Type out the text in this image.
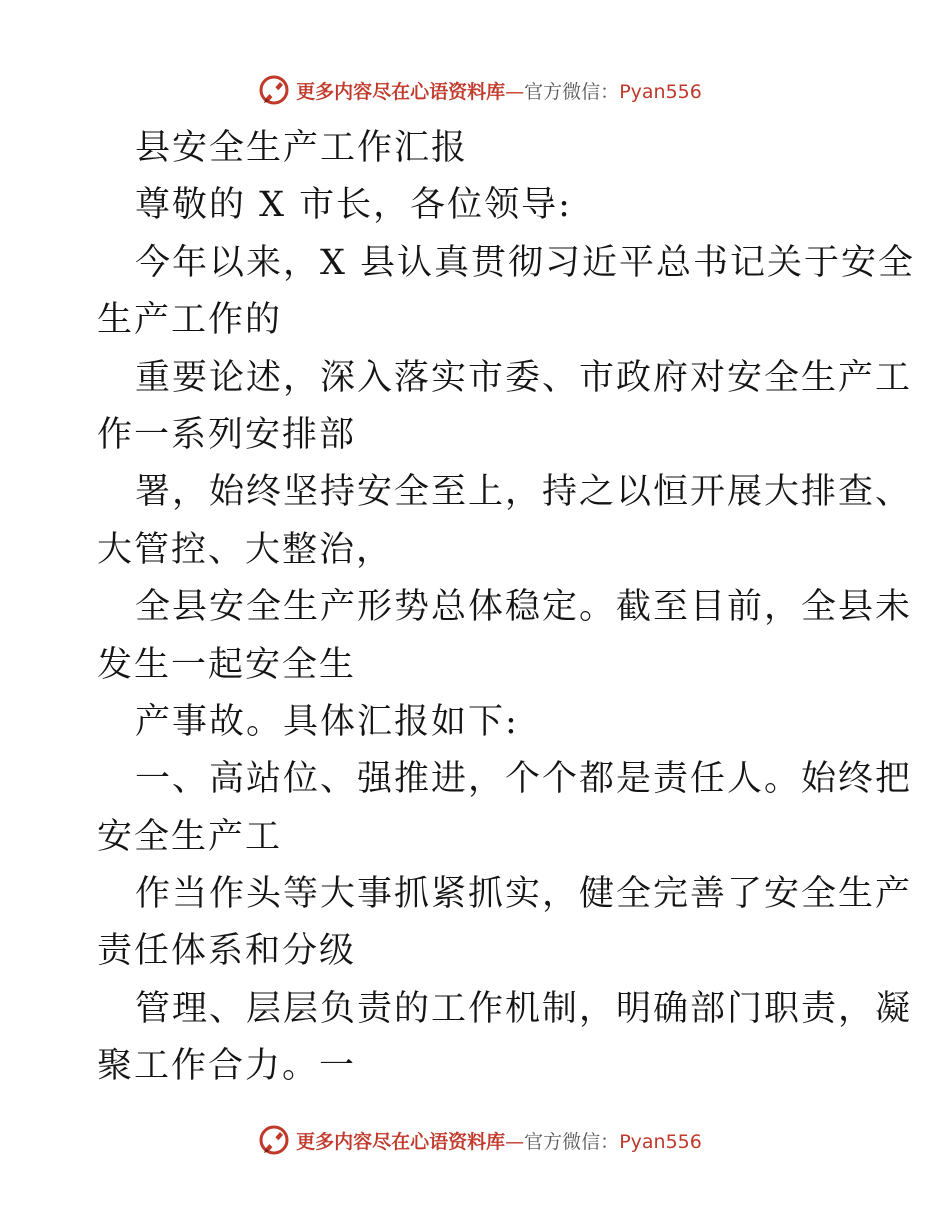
更多内容尽在心语资料库—官方微信：Pyan556
县安全生产工作汇报
尊敬的 X 市长，各位领导:
今年以来，X 县认真贯彻习近平总书记关于安全
生产工作的
重要论述，深入落实市委、市政府对安全生产工
作一系列安排部
署，始终坚持安全至上，持之以恒开展大排查、
大管控、大整治，
全县安全生产形势总体稳定。截至目前，全县未
发生一起安全生
产事故。具体汇报如下:
一、高站位、强推进，个个都是责任人。始终把
安全生产工
作当作头等大事抓紧抓实，健全完善了安全生产
责任体系和分级
管理、层层负责的工作机制，明确部门职责，凝
聚工作合力。一
更多内容尽在心语资料库—官方微信：Pyan556
